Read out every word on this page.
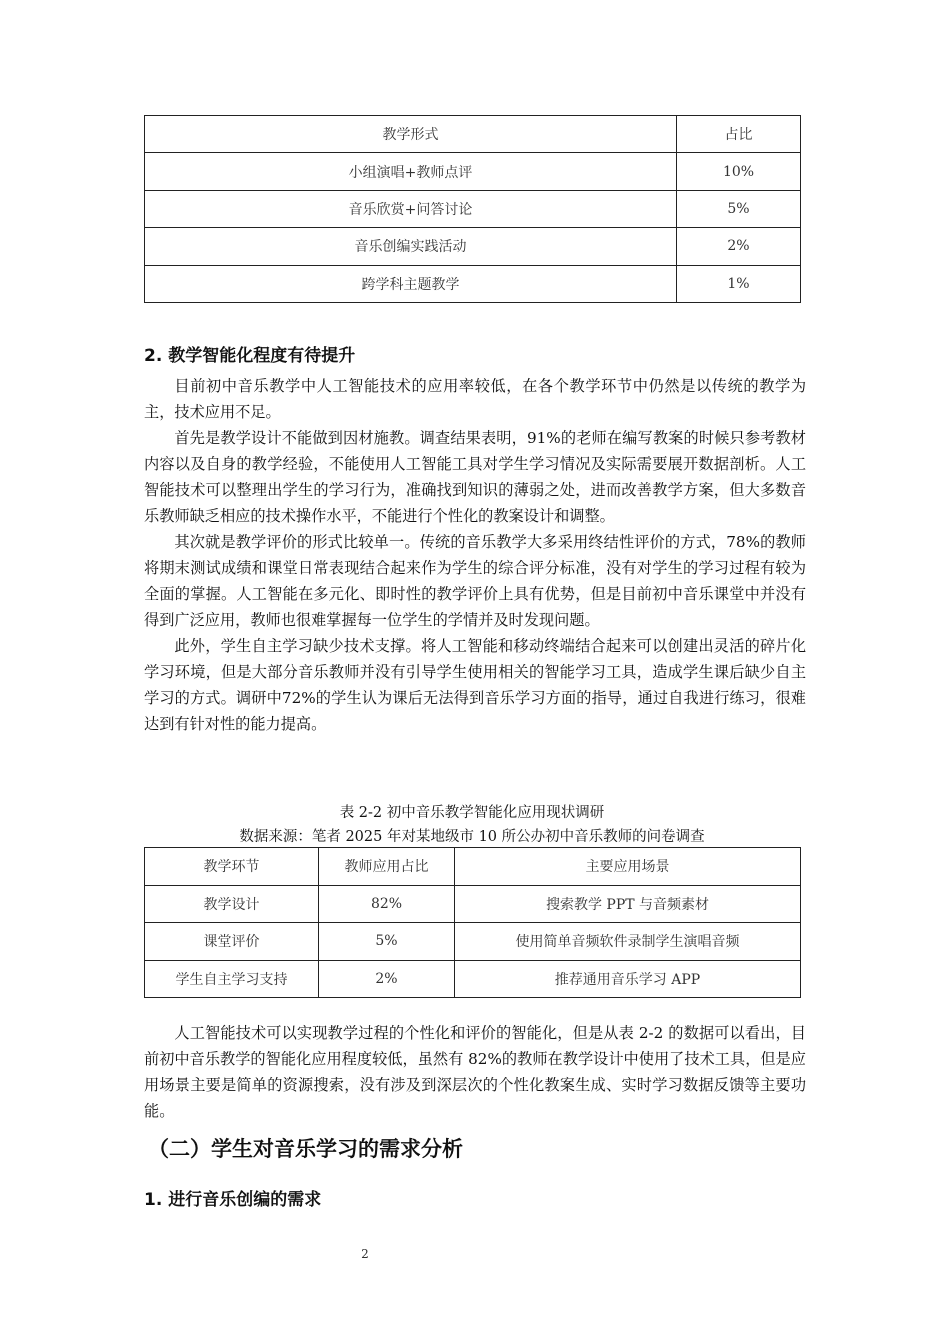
教学形式	占比
小组演唱+教师点评	10%
音乐欣赏+问答讨论	5%
音乐创编实践活动	2%
跨学科主题教学	1%
2. 教学智能化程度有待提升

目前初中音乐教学中人工智能技术的应用率较低，在各个教学环节中仍然是以传统的教学为主，技术应用不足。

首先是教学设计不能做到因材施教。调查结果表明，91%的老师在编写教案的时候只参考教材内容以及自身的教学经验，不能使用人工智能工具对学生学习情况及实际需要展开数据剖析。人工智能技术可以整理出学生的学习行为，准确找到知识的薄弱之处，进而改善教学方案，但大多数音乐教师缺乏相应的技术操作水平，不能进行个性化的教案设计和调整。

其次就是教学评价的形式比较单一。传统的音乐教学大多采用终结性评价的方式，78%的教师将期末测试成绩和课堂日常表现结合起来作为学生的综合评分标准，没有对学生的学习过程有较为全面的掌握。人工智能在多元化、即时性的教学评价上具有优势，但是目前初中音乐课堂中并没有得到广泛应用，教师也很难掌握每一位学生的学情并及时发现问题。

此外，学生自主学习缺少技术支撑。将人工智能和移动终端结合起来可以创建出灵活的碎片化学习环境，但是大部分音乐教师并没有引导学生使用相关的智能学习工具，造成学生课后缺少自主学习的方式。调研中72%的学生认为课后无法得到音乐学习方面的指导，通过自我进行练习，很难达到有针对性的能力提高。

表 2-2 初中音乐教学智能化应用现状调研
数据来源：笔者 2025 年对某地级市 10 所公办初中音乐教师的问卷调查
教学环节	教师应用占比	主要应用场景
教学设计	82%	搜索教学 PPT 与音频素材
课堂评价	5%	使用简单音频软件录制学生演唱音频
学生自主学习支持	2%	推荐通用音乐学习 APP

人工智能技术可以实现教学过程的个性化和评价的智能化，但是从表 2-2 的数据可以看出，目前初中音乐教学的智能化应用程度较低，虽然有 82%的教师在教学设计中使用了技术工具，但是应用场景主要是简单的资源搜索，没有涉及到深层次的个性化教案生成、实时学习数据反馈等主要功能。

（二）学生对音乐学习的需求分析
1. 进行音乐创编的需求
2
